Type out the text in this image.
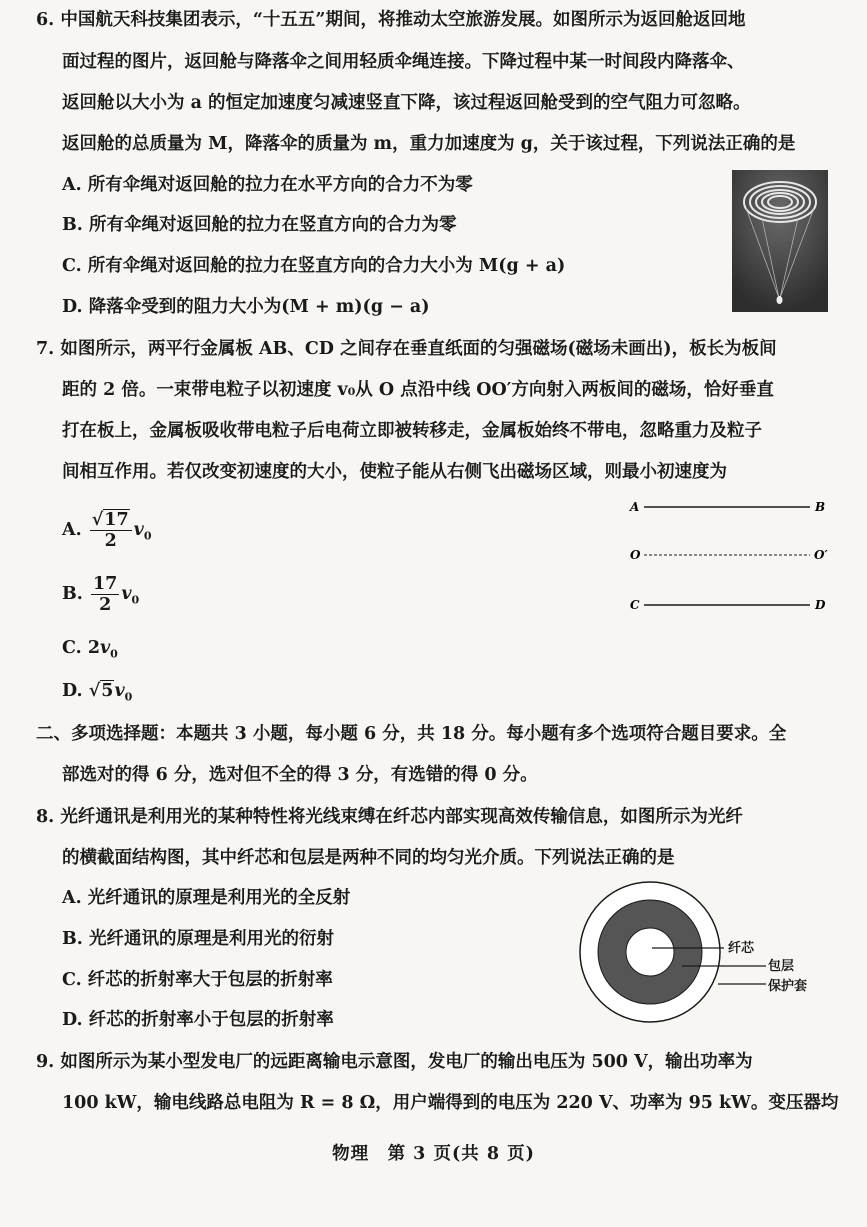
6. 中国航天科技集团表示，“十五五”期间，将推动太空旅游发展。如图所示为返回舱返回地
面过程的图片，返回舱与降落伞之间用轻质伞绳连接。下降过程中某一时间段内降落伞、
返回舱以大小为 a 的恒定加速度匀减速竖直下降，该过程返回舱受到的空气阻力可忽略。
返回舱的总质量为 M，降落伞的质量为 m，重力加速度为 g，关于该过程，下列说法正确的是
A. 所有伞绳对返回舱的拉力在水平方向的合力不为零
B. 所有伞绳对返回舱的拉力在竖直方向的合力为零
C. 所有伞绳对返回舱的拉力在竖直方向的合力大小为 M(g + a)
D. 降落伞受到的阻力大小为(M + m)(g − a)
7. 如图所示，两平行金属板 AB、CD 之间存在垂直纸面的匀强磁场(磁场未画出)，板长为板间
距的 2 倍。一束带电粒子以初速度 v₀从 O 点沿中线 OO′方向射入两板间的磁场，恰好垂直
打在板上，金属板吸收带电粒子后电荷立即被转移走，金属板始终不带电，忽略重力及粒子
间相互作用。若仅改变初速度的大小，使粒子能从右侧飞出磁场区域，则最小初速度为
A. $\frac{√17}{2} v_0$
B. $\frac{17}{2} v_0$
C. $2v_0$
D. $√5v_0$
A	B
O	O′
C	D
二、多项选择题：本题共 3 小题，每小题 6 分，共 18 分。每小题有多个选项符合题目要求。全
部选对的得 6 分，选对但不全的得 3 分，有选错的得 0 分。
8. 光纤通讯是利用光的某种特性将光线束缚在纤芯内部实现高效传输信息，如图所示为光纤
的横截面结构图，其中纤芯和包层是两种不同的均匀光介质。下列说法正确的是
A. 光纤通讯的原理是利用光的全反射
B. 光纤通讯的原理是利用光的衍射
C. 纤芯的折射率大于包层的折射率
D. 纤芯的折射率小于包层的折射率
纤芯
包层
保护套
9. 如图所示为某小型发电厂的远距离输电示意图，发电厂的输出电压为 500 V，输出功率为
100 kW，输电线路总电阻为 R = 8 Ω，用户端得到的电压为 220 V、功率为 95 kW。变压器均
物理　第 3 页(共 8 页)
